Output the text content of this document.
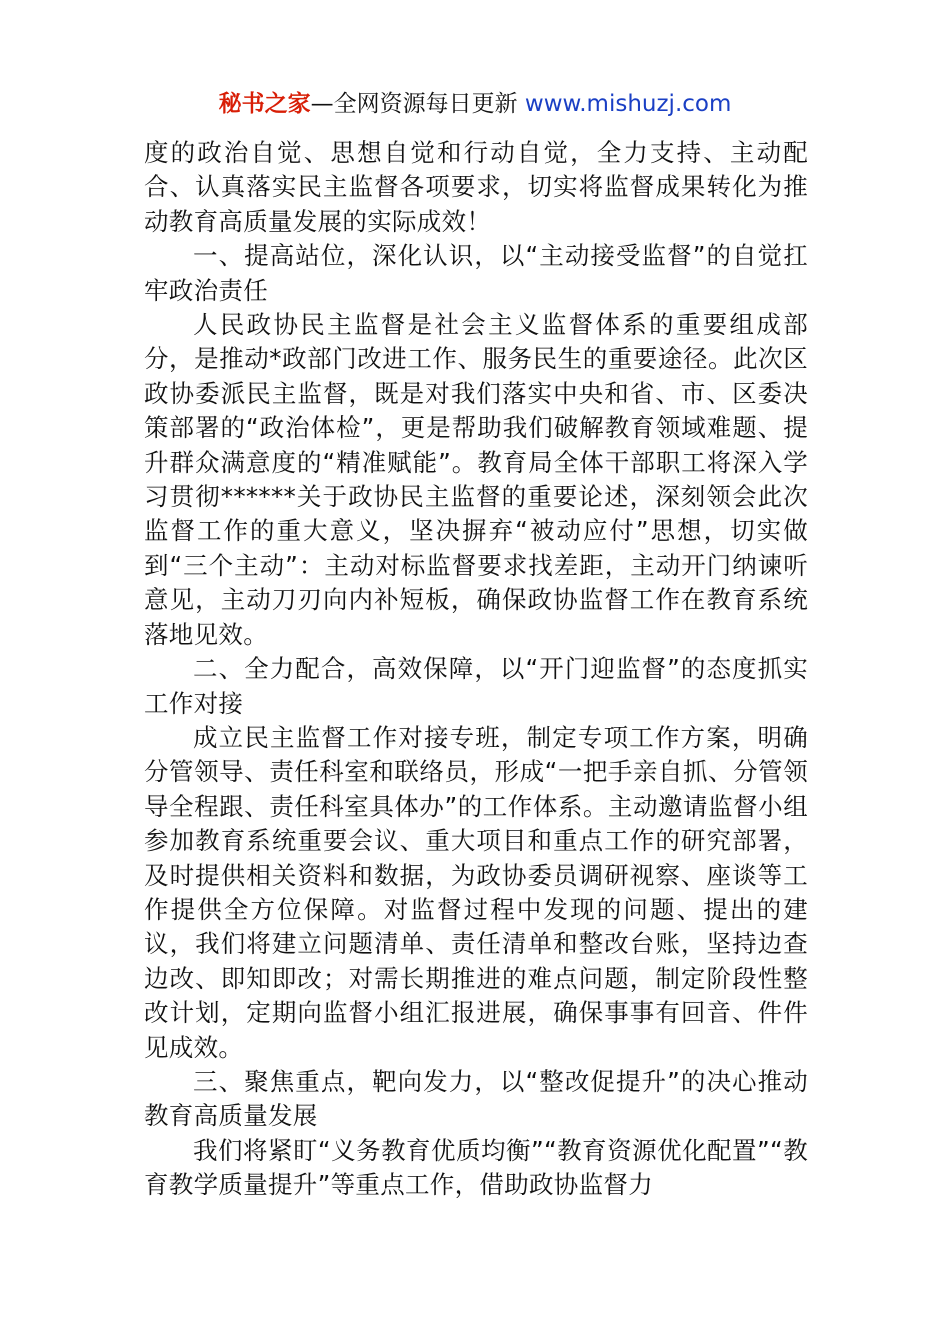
秘书之家—全网资源每日更新 www.mishuzj.com

度的政治自觉、思想自觉和行动自觉，全力支持、主动配合、认真落实民主监督各项要求，切实将监督成果转化为推动教育高质量发展的实际成效！

一、提高站位，深化认识，以“主动接受监督”的自觉扛牢政治责任

人民政协民主监督是社会主义监督体系的重要组成部分，是推动*政部门改进工作、服务民生的重要途径。此次区政协委派民主监督，既是对我们落实中央和省、市、区委决策部署的“政治体检”，更是帮助我们破解教育领域难题、提升群众满意度的“精准赋能”。教育局全体干部职工将深入学习贯彻******关于政协民主监督的重要论述，深刻领会此次监督工作的重大意义，坚决摒弃“被动应付”思想，切实做到“三个主动”：主动对标监督要求找差距，主动开门纳谏听意见，主动刀刃向内补短板，确保政协监督工作在教育系统落地见效。

二、全力配合，高效保障，以“开门迎监督”的态度抓实工作对接

成立民主监督工作对接专班，制定专项工作方案，明确分管领导、责任科室和联络员，形成“一把手亲自抓、分管领导全程跟、责任科室具体办”的工作体系。主动邀请监督小组参加教育系统重要会议、重大项目和重点工作的研究部署，及时提供相关资料和数据，为政协委员调研视察、座谈等工作提供全方位保障。对监督过程中发现的问题、提出的建议，我们将建立问题清单、责任清单和整改台账，坚持边查边改、即知即改；对需长期推进的难点问题，制定阶段性整改计划，定期向监督小组汇报进展，确保事事有回音、件件见成效。

三、聚焦重点，靶向发力，以“整改促提升”的决心推动教育高质量发展

我们将紧盯“义务教育优质均衡”“教育资源优化配置”“教育教学质量提升”等重点工作，借助政协监督力
